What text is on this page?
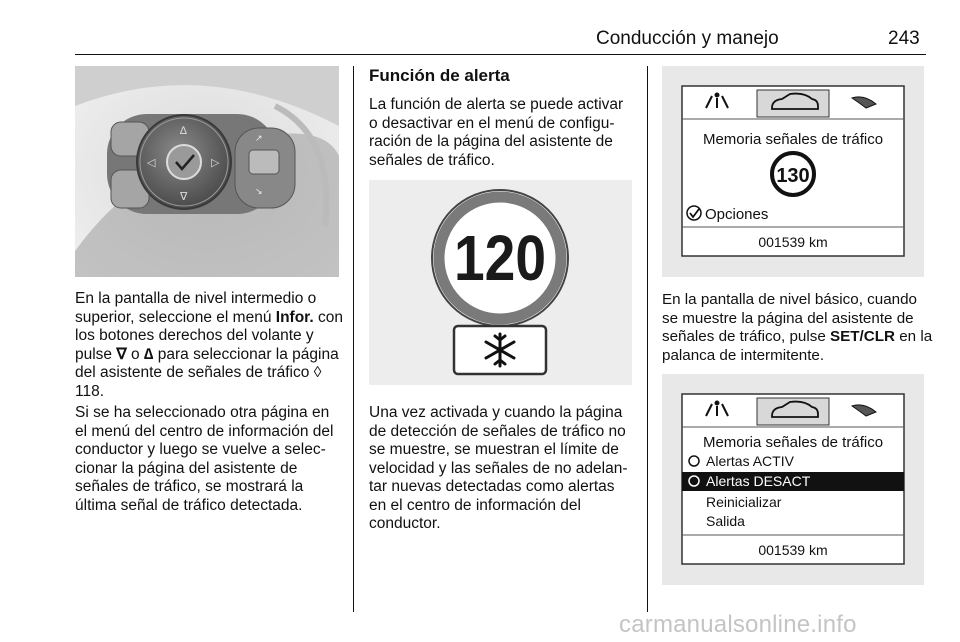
Conducción y manejo	243
∆
∇
◁	▷
↗
↘

En la pantalla de nivel intermedio o superior, seleccione el menú Infor. con los botones derechos del volante y pulse ∇ o ∆ para seleccionar la página del asistente de señales de tráfico ◊ 118.

Si se ha seleccionado otra página en el menú del centro de información del conductor y luego se vuelve a selec-cionar la página del asistente de señales de tráfico, se mostrará la última señal de tráfico detectada.

Función de alerta

La función de alerta se puede activar o desactivar en el menú de configu-ración de la página del asistente de señales de tráfico.

120

Una vez activada y cuando la página de detección de señales de tráfico no se muestre, se muestran el límite de velocidad y las señales de no adelan-tar nuevas detectadas como alertas en el centro de información del conductor.

Memoria señales de tráfico
130
Opciones
001539 km

En la pantalla de nivel básico, cuando se muestre la página del asistente de señales de tráfico, pulse SET/CLR en la palanca de intermitente.

Memoria señales de tráfico
Alertas ACTIV
Alertas DESACT
Reinicializar
Salida
001539 km
carmanualsonline.info
